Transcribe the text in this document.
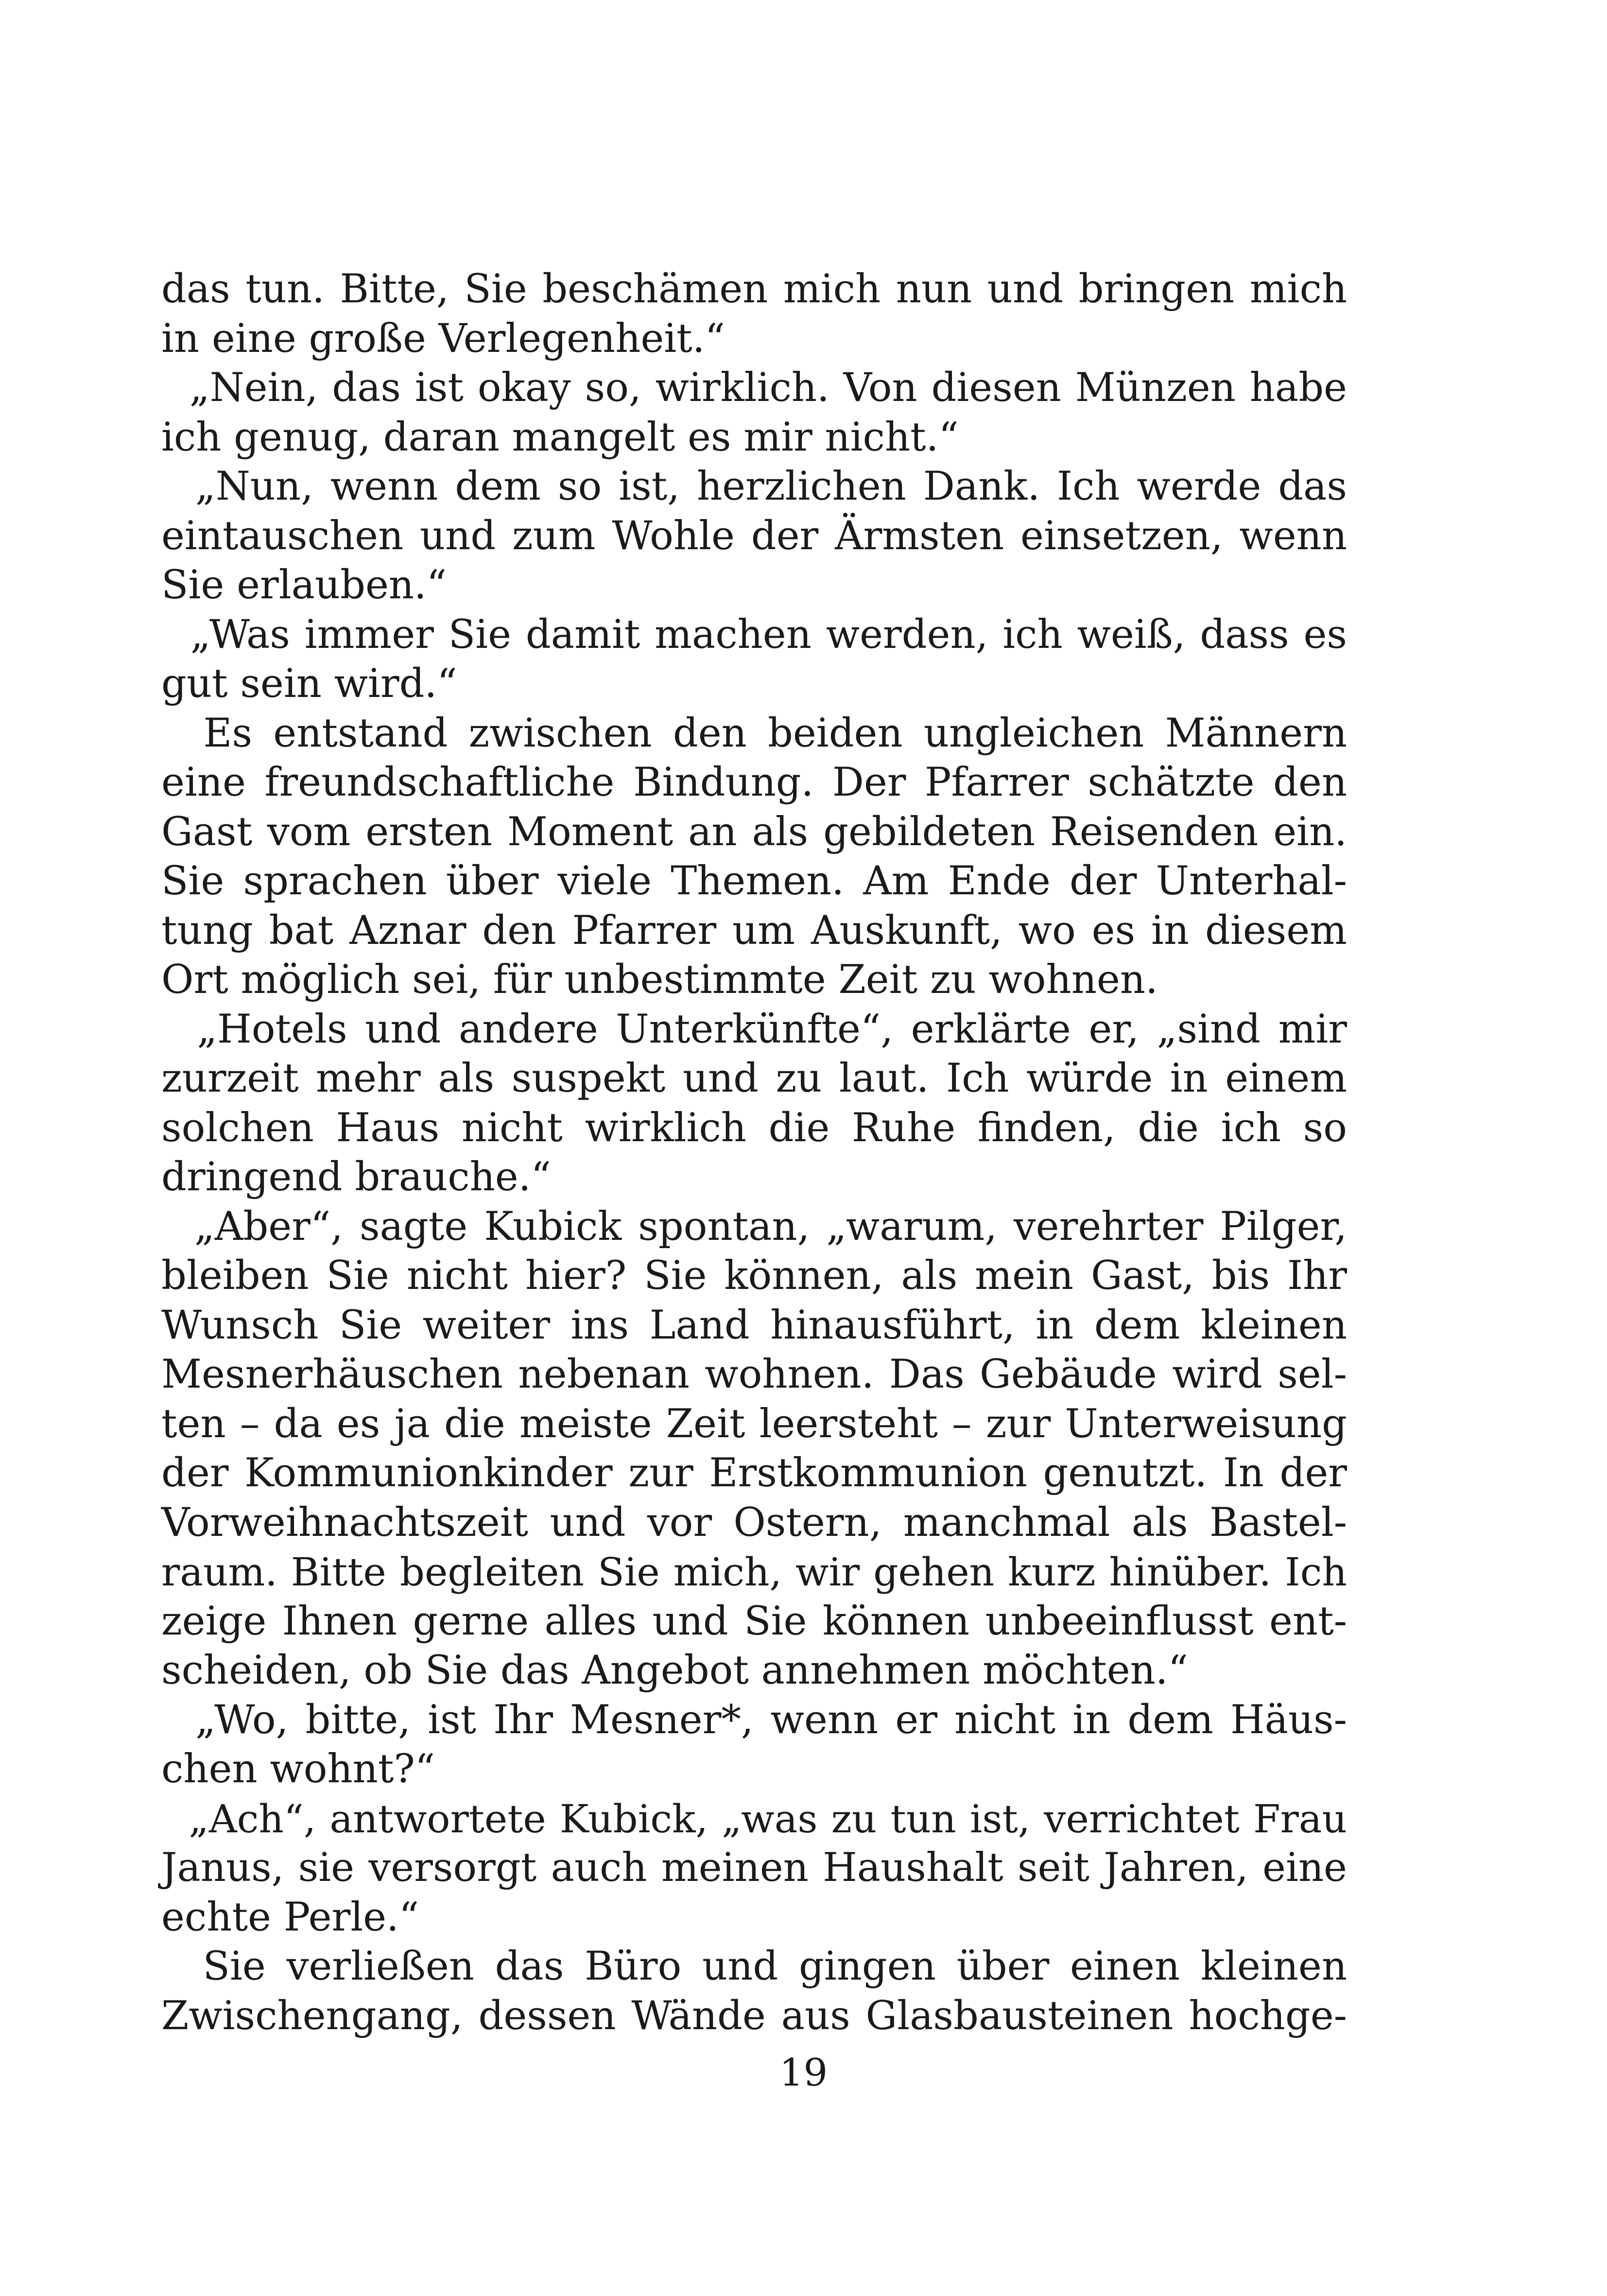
das tun. Bitte, Sie beschämen mich nun und bringen mich
in eine große Verlegenheit.“
„Nein, das ist okay so, wirklich. Von diesen Münzen habe
ich genug, daran mangelt es mir nicht.“
„Nun, wenn dem so ist, herzlichen Dank. Ich werde das
eintauschen und zum Wohle der Ärmsten einsetzen, wenn
Sie erlauben.“
„Was immer Sie damit machen werden, ich weiß, dass es
gut sein wird.“
Es entstand zwischen den beiden ungleichen Männern
eine freundschaftliche Bindung. Der Pfarrer schätzte den
Gast vom ersten Moment an als gebildeten Reisenden ein.
Sie sprachen über viele Themen. Am Ende der Unterhal-
tung bat Aznar den Pfarrer um Auskunft, wo es in diesem
Ort möglich sei, für unbestimmte Zeit zu wohnen.
„Hotels und andere Unterkünfte“, erklärte er, „sind mir
zurzeit mehr als suspekt und zu laut. Ich würde in einem
solchen Haus nicht wirklich die Ruhe finden, die ich so
dringend brauche.“
„Aber“, sagte Kubick spontan, „warum, verehrter Pilger,
bleiben Sie nicht hier? Sie können, als mein Gast, bis Ihr
Wunsch Sie weiter ins Land hinausführt, in dem kleinen
Mesnerhäuschen nebenan wohnen. Das Gebäude wird sel-
ten – da es ja die meiste Zeit leersteht – zur Unterweisung
der Kommunionkinder zur Erstkommunion genutzt. In der
Vorweihnachtszeit und vor Ostern, manchmal als Bastel-
raum. Bitte begleiten Sie mich, wir gehen kurz hinüber. Ich
zeige Ihnen gerne alles und Sie können unbeeinflusst ent-
scheiden, ob Sie das Angebot annehmen möchten.“
„Wo, bitte, ist Ihr Mesner*, wenn er nicht in dem Häus-
chen wohnt?“
„Ach“, antwortete Kubick, „was zu tun ist, verrichtet Frau
Janus, sie versorgt auch meinen Haushalt seit Jahren, eine
echte Perle.“
Sie verließen das Büro und gingen über einen kleinen
Zwischengang, dessen Wände aus Glasbausteinen hochge-
19
